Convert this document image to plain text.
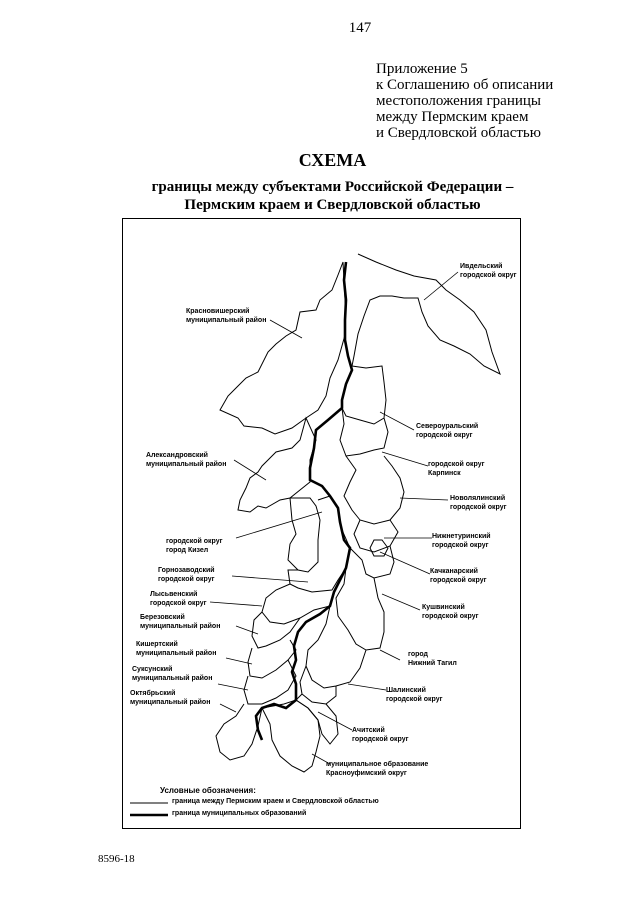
147
Приложение 5
к Соглашению об описании
местоположения границы
между Пермским краем
и Свердловской областью
СХЕМА
границы между субъектами Российской Федерации –
Пермским краем и Свердловской областью
Ивдельский
городской округ
Красновишерский
муниципальный район
Североуральский
городской округ
Александровский
муниципальный район	городской округ
Карпинск
Новолялинский
городской округ
Нижнетуринский
городской округ
городской округ
город Кизел
Качканарский
городской округ
Горнозаводский
городской округ
Лысьвенский
городской округ
Кушвинский
городской округ
Березовский
муниципальный район
Кишертский
муниципальный район	город
Нижний Тагил
Суксунский
муниципальный район
Октябрьский
муниципальный район
Шалинский
городской округ
Ачитский
городской округ
муниципальное образование
Красноуфимский округ
Условные обозначения:
граница между Пермским краем и Свердловской областью
граница муниципальных образований
8596-18
